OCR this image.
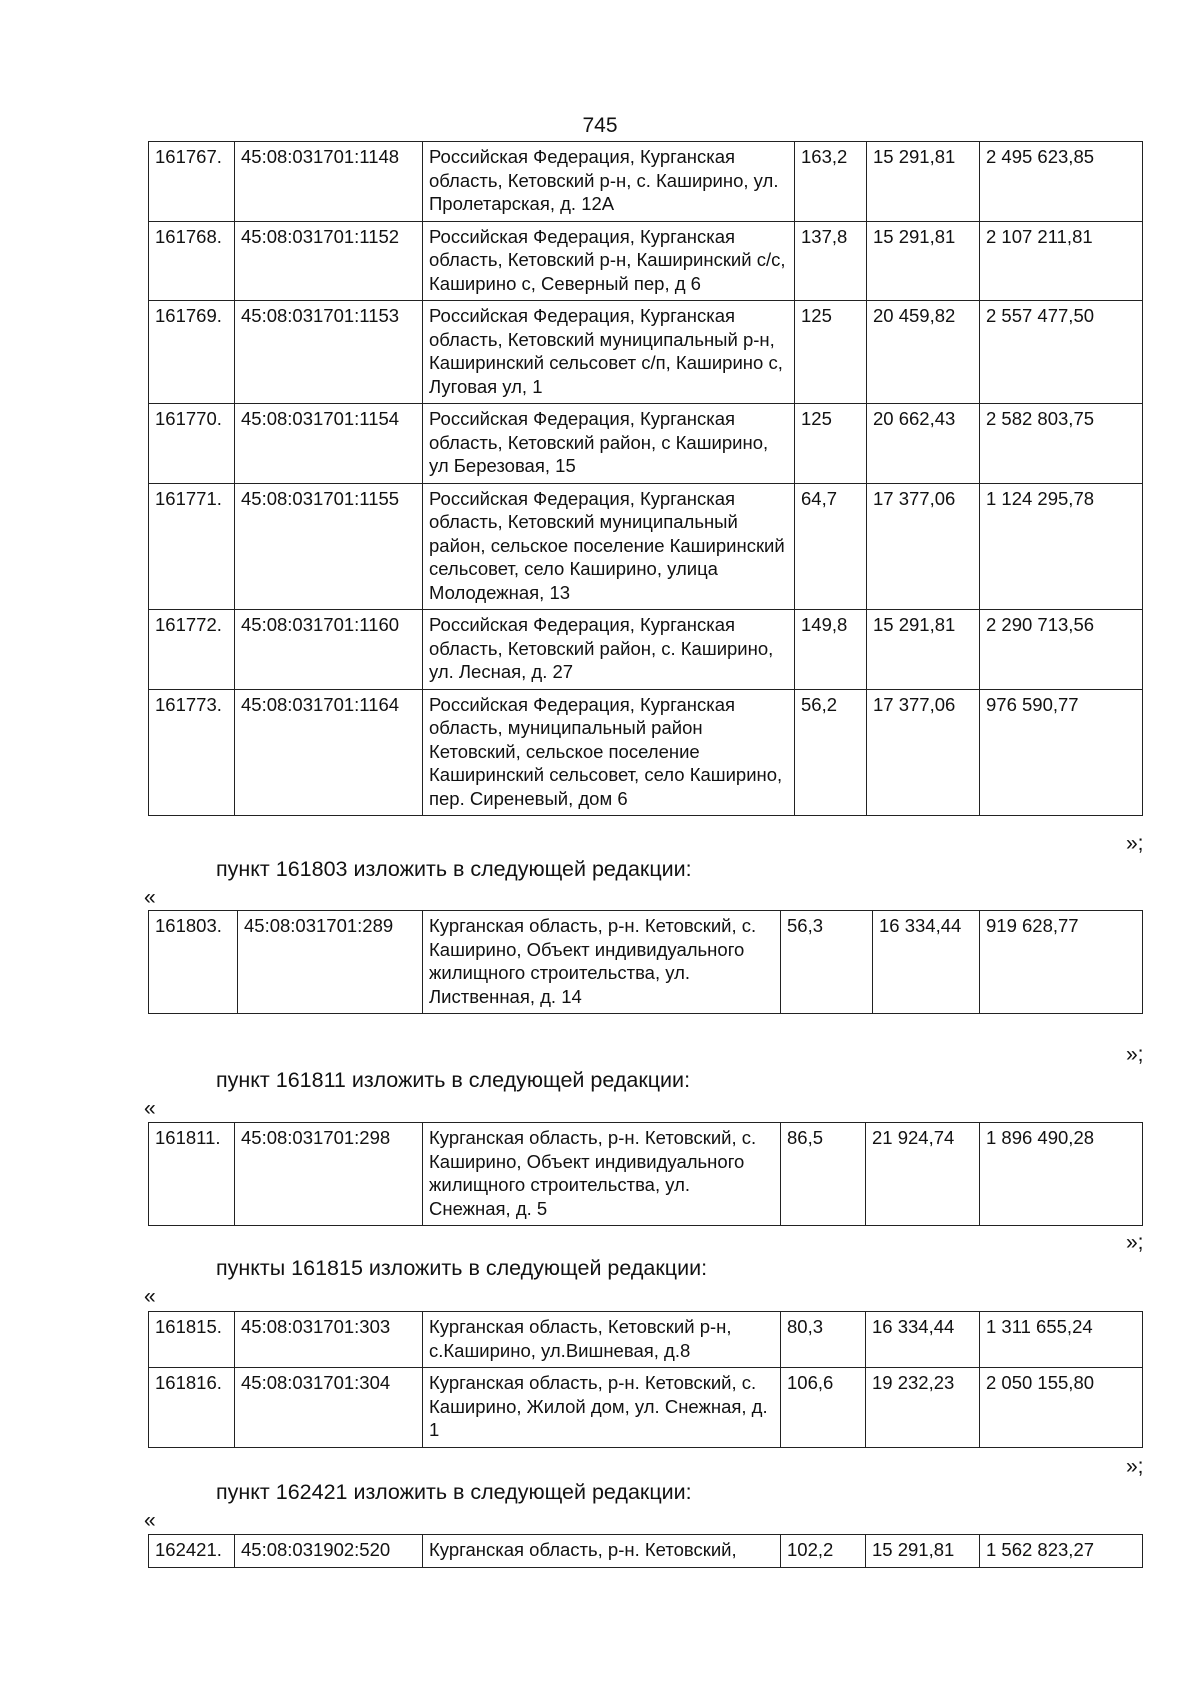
745
161767.	45:08:031701:1148	Российская Федерация, Курганская область, Кетовский р-н, с. Каширино, ул. Пролетарская, д. 12А	163,2	15 291,81	2 495 623,85
161768.	45:08:031701:1152	Российская Федерация, Курганская область, Кетовский р-н, Каширинский с/с, Каширино с, Северный пер, д 6	137,8	15 291,81	2 107 211,81
161769.	45:08:031701:1153	Российская Федерация, Курганская область, Кетовский муниципальный р-н, Каширинский сельсовет с/п, Каширино с, Луговая ул, 1	125	20 459,82	2 557 477,50
161770.	45:08:031701:1154	Российская Федерация, Курганская область, Кетовский район, с Каширино, ул Березовая, 15	125	20 662,43	2 582 803,75
161771.	45:08:031701:1155	Российская Федерация, Курганская область, Кетовский муниципальный район, сельское поселение Каширинский сельсовет, село Каширино, улица Молодежная, 13	64,7	17 377,06	1 124 295,78
161772.	45:08:031701:1160	Российская Федерация, Курганская область, Кетовский район, с. Каширино, ул. Лесная, д. 27	149,8	15 291,81	2 290 713,56
161773.	45:08:031701:1164	Российская Федерация, Курганская область, муниципальный район Кетовский, сельское поселение Каширинский сельсовет, село Каширино, пер. Сиреневый, дом 6	56,2	17 377,06	976 590,77
»;
пункт 161803 изложить в следующей редакции:
«
161803.	45:08:031701:289	Курганская область, р-н. Кетовский, с. Каширино, Объект индивидуального жилищного строительства, ул. Лиственная, д. 14	56,3	16 334,44	919 628,77
»;
пункт 161811 изложить в следующей редакции:
«
161811.	45:08:031701:298	Курганская область, р-н. Кетовский, с. Каширино, Объект индивидуального жилищного строительства, ул. Снежная, д. 5	86,5	21 924,74	1 896 490,28
»;
пункты 161815 изложить в следующей редакции:
«
161815.	45:08:031701:303	Курганская область, Кетовский р-н, с.Каширино, ул.Вишневая, д.8	80,3	16 334,44	1 311 655,24
161816.	45:08:031701:304	Курганская область, р-н. Кетовский, с. Каширино, Жилой дом, ул. Снежная, д. 1	106,6	19 232,23	2 050 155,80
»;
пункт 162421 изложить в следующей редакции:
«
162421.	45:08:031902:520	Курганская область, р-н. Кетовский,	102,2	15 291,81	1 562 823,27
